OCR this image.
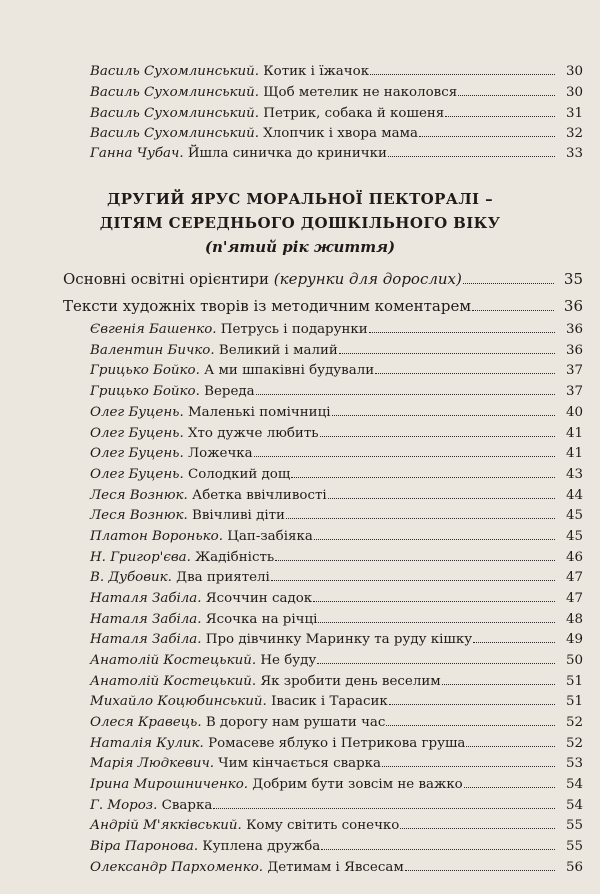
Василь Сухомлинський. Котик і їжачок	30
Василь Сухомлинський. Щоб метелик не наколовся	30
Василь Сухомлинський. Петрик, собака й кошеня	31
Василь Сухомлинський. Хлопчик і хвора мама	32
Ганна Чубач. Йшла синичка до кринички	33
ДРУГИЙ ЯРУС МОРАЛЬНОЇ ПЕКТОРАЛІ –
ДІТЯМ СЕРЕДНЬОГО ДОШКІЛЬНОГО ВІКУ
(п'ятий рік життя)
Основні освітні орієнтири (керунки для дорослих)	35
Тексти художніх творів із методичним коментарем	36
Євгенія Башенко. Петрусь і подарунки	36
Валентин Бичко. Великий і малий	36
Грицько Бойко. А ми шпаківні будували	37
Грицько Бойко. Вереда	37
Олег Буцень. Маленькі помічниці	40
Олег Буцень. Хто дужче любить	41
Олег Буцень. Ложечка	41
Олег Буцень. Солодкий дощ	43
Леся Вознюк. Абетка ввічливості	44
Леся Вознюк. Ввічливі діти	45
Платон Воронько. Цап-забіяка	45
Н. Григор'єва. Жадібність	46
В. Дубовик. Два приятелі	47
Наталя Забіла. Ясоччин садок	47
Наталя Забіла. Ясочка на річці	48
Наталя Забіла. Про дівчинку Маринку та руду кішку	49
Анатолій Костецький. Не буду	50
Анатолій Костецький. Як зробити день веселим	51
Михайло Коцюбинський. Івасик і Тарасик	51
Олеся Кравець. В дорогу нам рушати час	52
Наталія Кулик. Ромасеве яблуко і Петрикова груша	52
Марія Людкевич. Чим кінчається сварка	53
Ірина Мирошниченко. Добрим бути зовсім не важко	54
Г. Мороз. Сварка	54
Андрій М'якківський. Кому світить сонечко	55
Віра Паронова. Куплена дружба	55
Олександр Пархоменко. Детимам і Явсесам	56
